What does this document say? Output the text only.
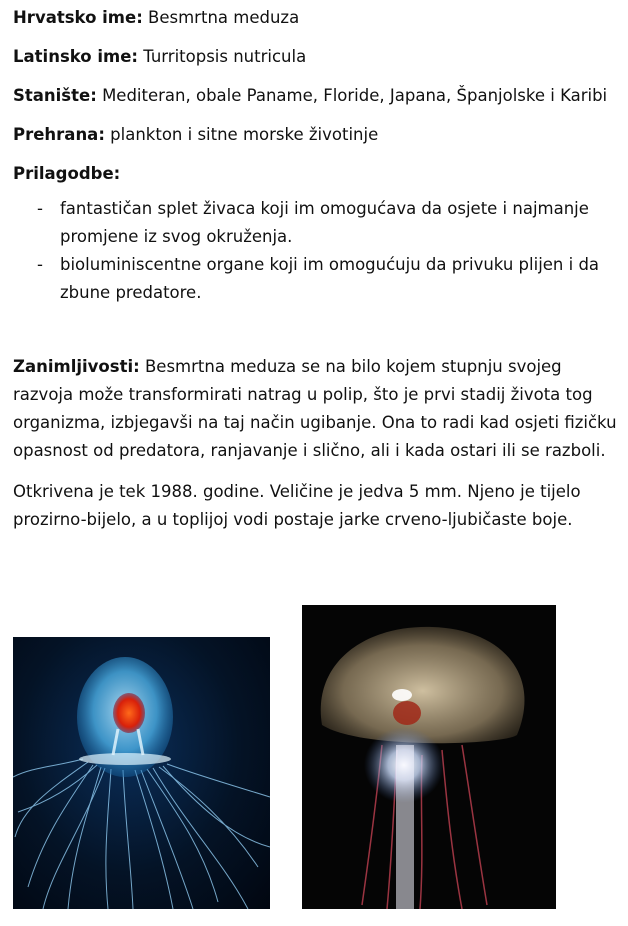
Hrvatsko ime: Besmrtna meduza
Latinsko ime: Turritopsis nutricula
Stanište: Mediteran, obale Paname, Floride, Japana, Španjolske i Karibi
Prehrana: plankton i sitne morske životinje
Prilagodbe:
- fantastičan splet živaca koji im omogućava da osjete i najmanje promjene iz svog okruženja.
- bioluminiscentne organe koji im omogućuju da privuku plijen i da zbune predatore.
Zanimljivosti: Besmrtna meduza se na bilo kojem stupnju svojeg razvoja može transformirati natrag u polip, što je prvi stadij života tog organizma, izbjegavši na taj način ugibanje. Ona to radi kad osjeti fizičku opasnost od predatora, ranjavanje i slično, ali i kada ostari ili se razboli.
Otkrivena je tek 1988. godine. Veličine je jedva 5 mm. Njeno je tijelo prozirno-bijelo, a u toplijoj vodi postaje jarke crveno-ljubičaste boje.
